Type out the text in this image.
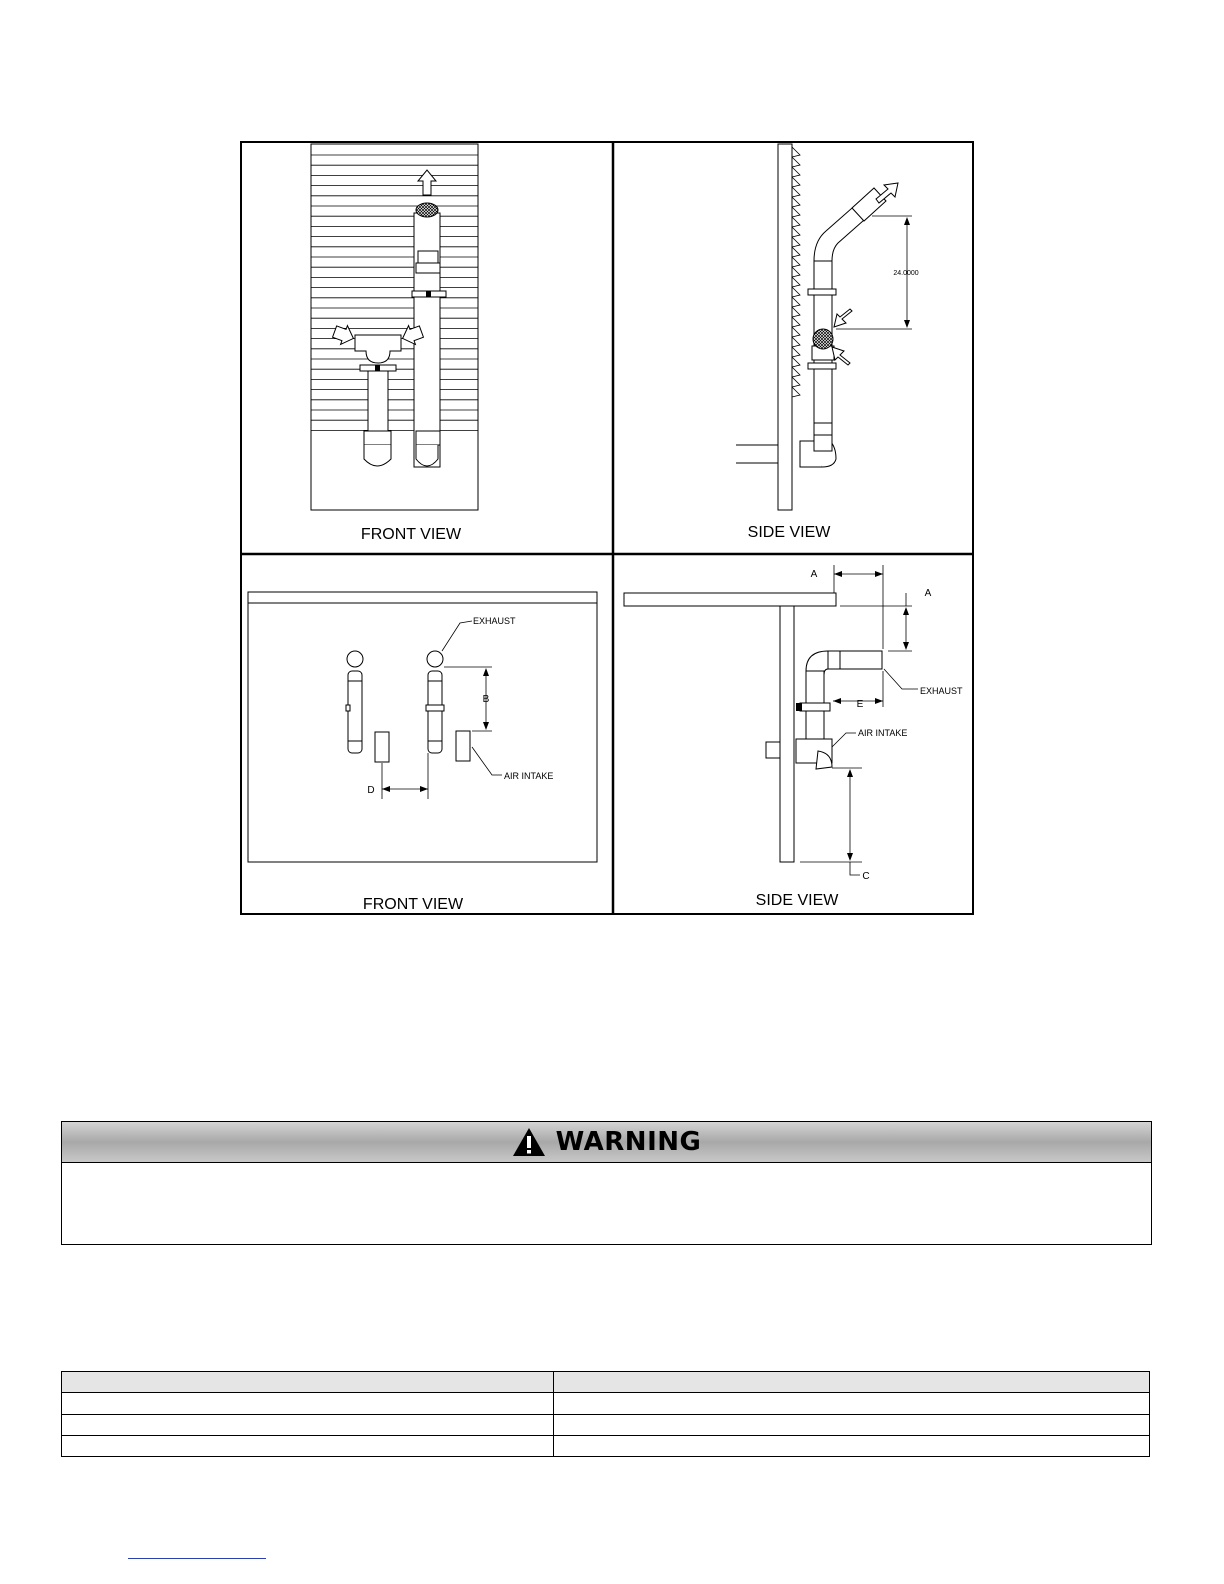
FRONT VIEW
24.0000
SIDE VIEW
B
D
EXHAUST
AIR INTAKE
FRONT VIEW
A
A
E
C
EXHAUST
AIR INTAKE
SIDE VIEW
WARNING
